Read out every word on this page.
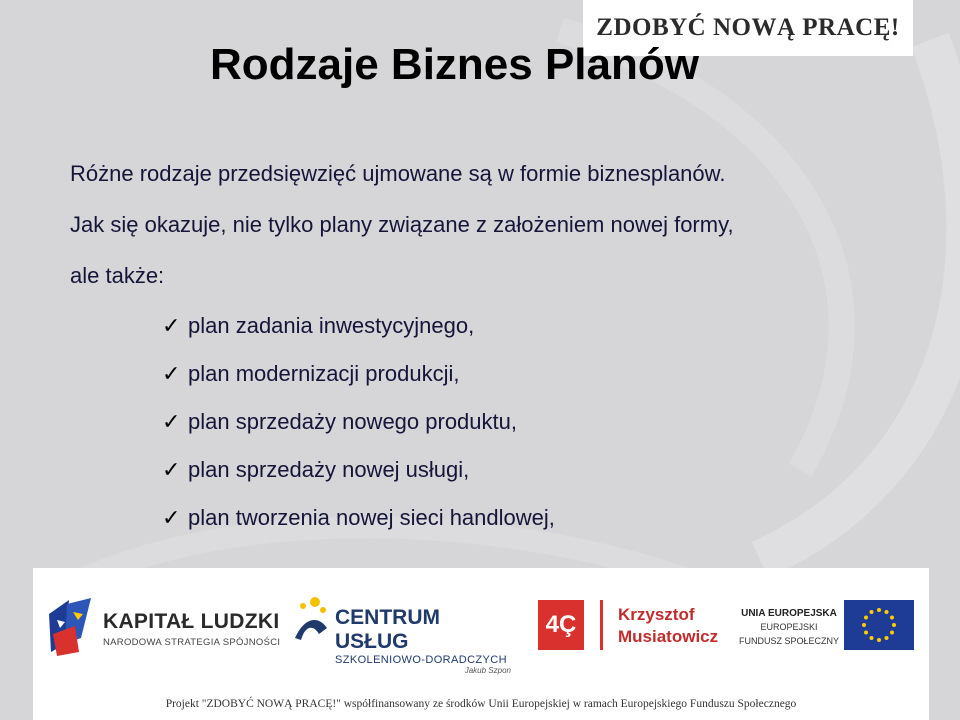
ZDOBYĆ NOWĄ PRACĘ!
Rodzaje Biznes Planów

Różne rodzaje przedsięwzięć ujmowane są w formie biznesplanów.

Jak się okazuje, nie tylko plany związane z założeniem nowej formy,

ale także:

✓ plan zadania inwestycyjnego,
✓ plan modernizacji produkcji,
✓ plan sprzedaży nowego produktu,
✓ plan sprzedaży nowej usługi,
✓ plan tworzenia nowej sieci handlowej,
KAPITAŁ LUDZKI
NARODOWA STRATEGIA SPÓJNOŚCI
CENTRUM USŁUG
SZKOLENIOWO-DORADCZYCH
Jakub Szpon
4Ç	Krzysztof
Musiatowicz
UNIA EUROPEJSKA
EUROPEJSKI
FUNDUSZ SPOŁECZNY
Projekt "ZDOBYĆ NOWĄ PRACĘ!" współfinansowany ze środków Unii Europejskiej w ramach Europejskiego Funduszu Społecznego
